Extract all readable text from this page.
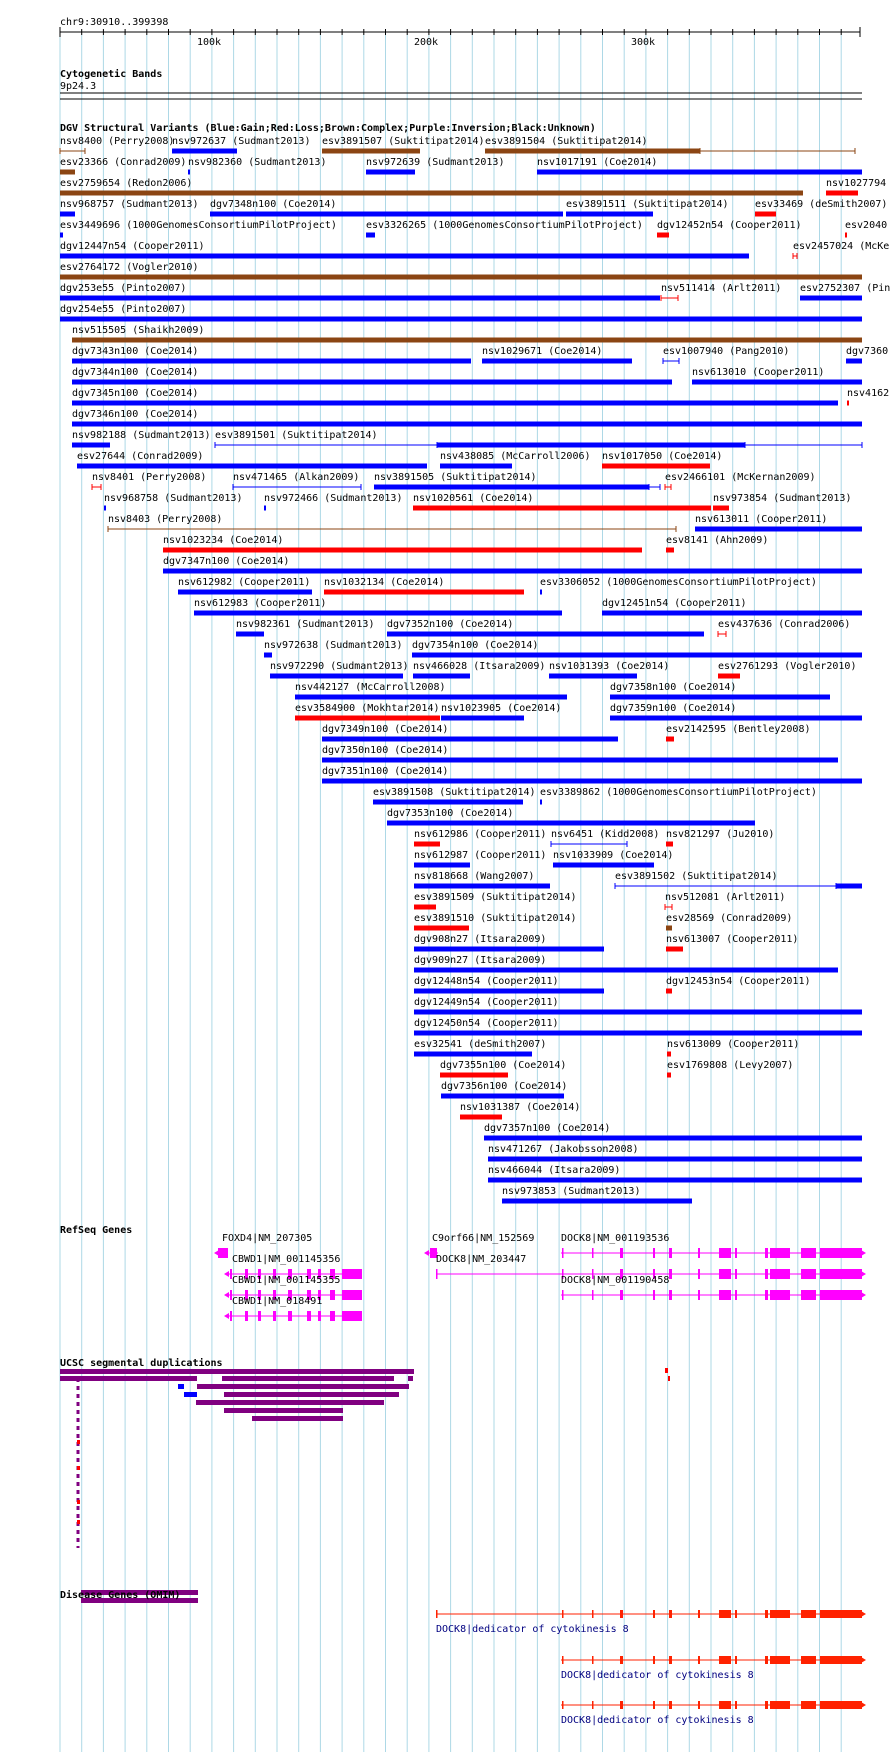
chr9:30910..399398
100k	200k	300k
Cytogenetic Bands
9p24.3
DGV Structural Variants (Blue:Gain;Red:Loss;Brown:Complex;Purple:Inversion;Black:Unknown)
nsv8400 (Perry2008)
nsv972637 (Sudmant2013) esv3891507 (Suktitipat2014) esv3891504 (Suktitipat2014)
esv23366 (Conrad2009) nsv982360 (Sudmant2013)	nsv972639 (Sudmant2013)	nsv1017191 (Coe2014)
esv2759654 (Redon2006)	nsv1027794
nsv968757 (Sudmant2013) dgv7348n100 (Coe2014)	esv3891511 (Suktitipat2014)	esv33469 (deSmith2007)
esv3449696 (1000GenomesConsortiumPilotProject)	esv3326265 (1000GenomesConsortiumPilotProject) dgv12452n54 (Cooper2011)	esv2040
dgv12447n54 (Cooper2011)	esv2457024 (McKe
esv2764172 (Vogler2010)
dgv253e55 (Pinto2007)	nsv511414 (Arlt2011) esv2752307 (Pin
dgv254e55 (Pinto2007)
nsv515505 (Shaikh2009)
dgv7343n100 (Coe2014)	nsv1029671 (Coe2014)	esv1007940 (Pang2010)	dgv7360
dgv7344n100 (Coe2014)	nsv613010 (Cooper2011)
dgv7345n100 (Coe2014)	nsv4162
dgv7346n100 (Coe2014)
nsv982188 (Sudmant2013) esv3891501 (Suktitipat2014)
esv27644 (Conrad2009)	nsv438085 (McCarroll2006) nsv1017050 (Coe2014)
nsv8401 (Perry2008)	nsv471465 (Alkan2009) nsv3891505 (Suktitipat2014)	esv2466101 (McKernan2009)
nsv968758 (Sudmant2013) nsv972466 (Sudmant2013) nsv1020561 (Coe2014)	nsv973854 (Sudmant2013)
nsv8403 (Perry2008)	nsv613011 (Cooper2011)
nsv1023234 (Coe2014)	esv8141 (Ahn2009)
dgv7347n100 (Coe2014)
nsv612982 (Cooper2011) nsv1032134 (Coe2014)	esv3306052 (1000GenomesConsortiumPilotProject)
nsv612983 (Cooper2011)	dgv12451n54 (Cooper2011)
nsv982361 (Sudmant2013) dgv7352n100 (Coe2014)	esv437636 (Conrad2006)
nsv972638 (Sudmant2013) dgv7354n100 (Coe2014)
nsv972290 (Sudmant2013) nsv466028 (Itsara2009) nsv1031393 (Coe2014)	esv2761293 (Vogler2010)
nsv442127 (McCarroll2008)	dgv7358n100 (Coe2014)
esv3584900 (Mokhtar2014) nsv1023905 (Coe2014)	dgv7359n100 (Coe2014)
dgv7349n100 (Coe2014)	esv2142595 (Bentley2008)
dgv7350n100 (Coe2014)
dgv7351n100 (Coe2014)
esv3891508 (Suktitipat2014) esv3389862 (1000GenomesConsortiumPilotProject)
dgv7353n100 (Coe2014)
nsv612986 (Cooper2011) nsv6451 (Kidd2008) nsv821297 (Ju2010)
nsv612987 (Cooper2011) nsv1033909 (Coe2014)
nsv818668 (Wang2007)	esv3891502 (Suktitipat2014)
esv3891509 (Suktitipat2014)	nsv512081 (Arlt2011)
esv3891510 (Suktitipat2014)	esv28569 (Conrad2009)
dgv908n27 (Itsara2009)	nsv613007 (Cooper2011)
dgv909n27 (Itsara2009)
dgv12448n54 (Cooper2011)	dgv12453n54 (Cooper2011)
dgv12449n54 (Cooper2011)
dgv12450n54 (Cooper2011)
esv32541 (deSmith2007)	nsv613009 (Cooper2011)
dgv7355n100 (Coe2014)	esv1769808 (Levy2007)
dgv7356n100 (Coe2014)
nsv1031387 (Coe2014)
dgv7357n100 (Coe2014)
nsv471267 (Jakobsson2008)
nsv466044 (Itsara2009)
nsv973853 (Sudmant2013)
RefSeq Genes
FOXD4|NM_207305	C9orf66|NM_152569	DOCK8|NM_001193536
CBWD1|NM_001145356	DOCK8|NM_203447
CBWD1|NM_001145355	DOCK8|NM_001190458
CBWD1|NM_018491
UCSC segmental duplications
Disease Genes (OMIM)
DOCK8|dedicator of cytokinesis 8
DOCK8|dedicator of cytokinesis 8
DOCK8|dedicator of cytokinesis 8
